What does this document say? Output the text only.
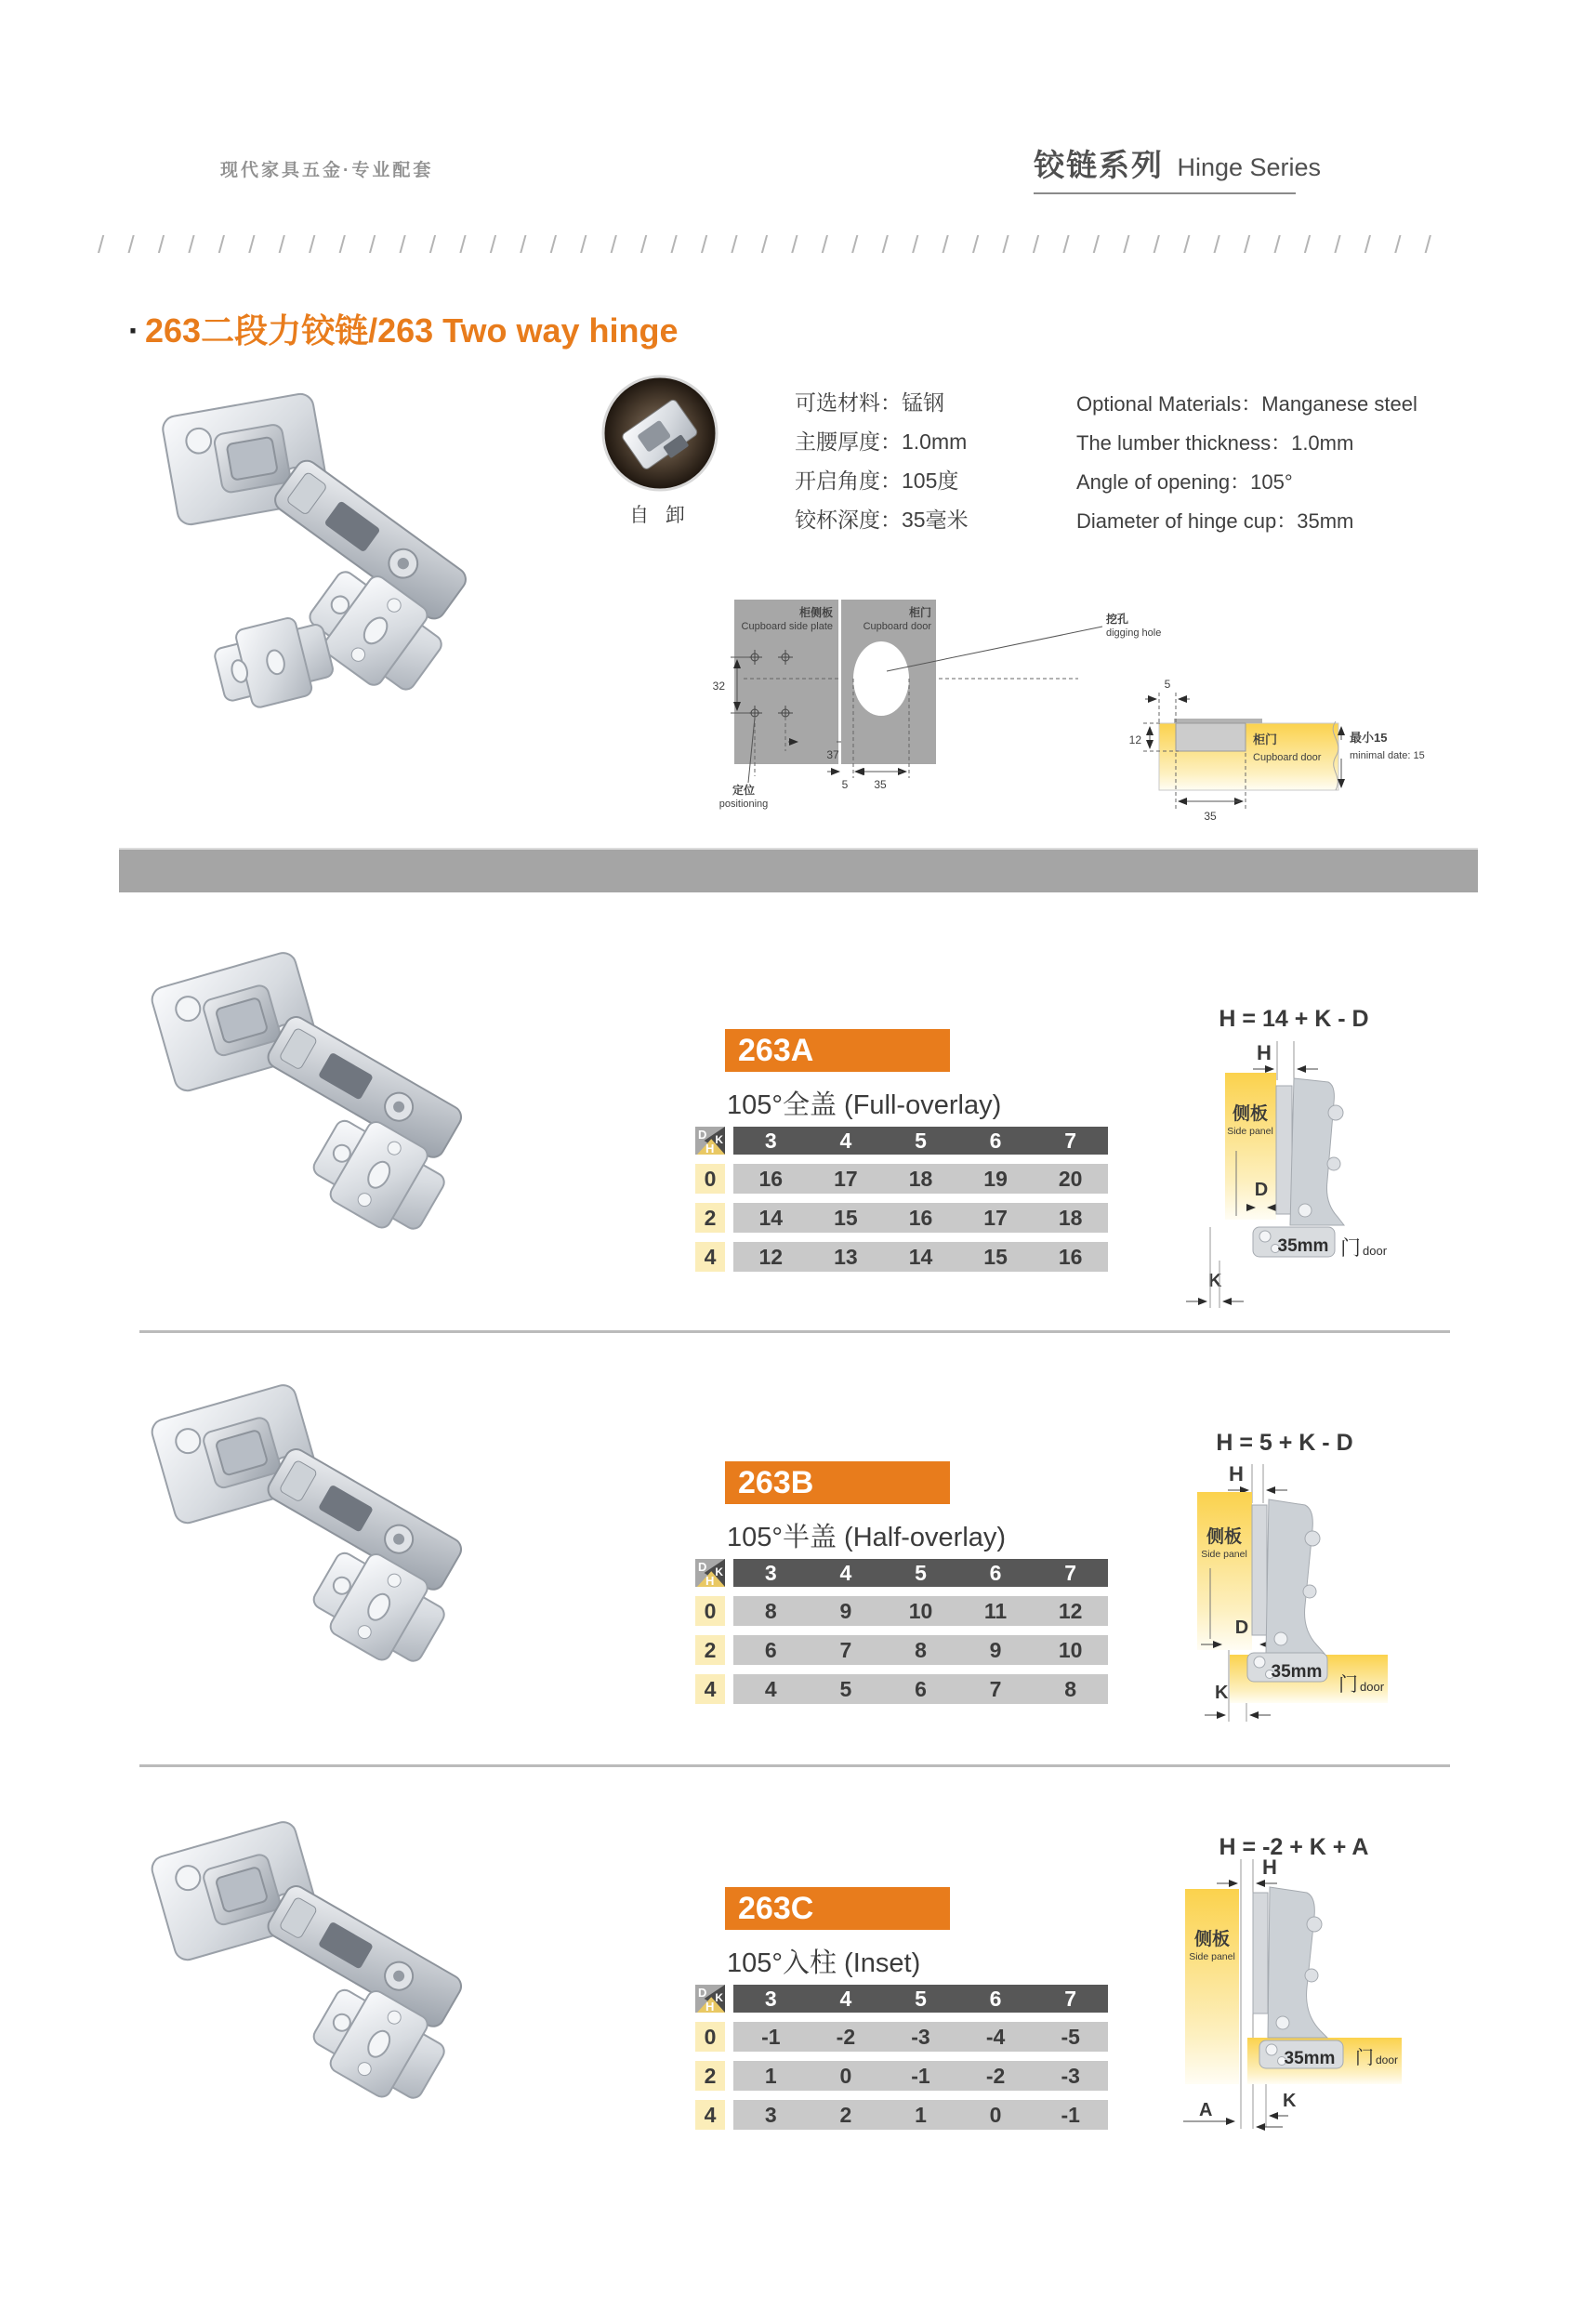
现代家具五金·专业配套	铰链系列 Hinge Series
/ / / / / / / / / / / / / / / / / / / / / / / / / / / / / / / / / / / / / / / / / / / / /
· 263二段力铰链/263 Two way hinge
自 卸
可选材料：锰钢
主腰厚度：1.0mm
开启角度：105度
铰杯深度：35毫米
Optional Materials：Manganese steel
The lumber thickness：1.0mm
Angle of opening：105°
Diameter of hinge cup：35mm
柜侧板
Cupboard side plate
32
37
定位
positioning
柜门
Cupboard door
挖孔
digging hole
5 35
5
12
35
柜门
Cupboard door
最小15
minimal date: 15
263A
105°全盖 (Full-overlay)
D K
H	3	4	5	6	7
0	16	17	18	19	20
2	14	15	16	17	18
4	12	13	14	15	16
H = 14 + K - D
H
侧板
Side panel
D
35mm 门 door
K
263B
105°半盖 (Half-overlay)
D K
H	3	4	5	6	7
0	8	9	10	11	12
2	6	7	8	9	10
4	4	5	6	7	8
H = 5 + K - D
H
侧板
Side panel
D
35mm
门 door
K
263C
105°入柱 (Inset)
D K
H	3	4	5	6	7
0	-1	-2	-3	-4	-5
2	1	0	-1	-2	-3
4	3	2	1	0	-1
H = -2 + K + A
H
侧板
Side panel
35mm 门 door
K
A
